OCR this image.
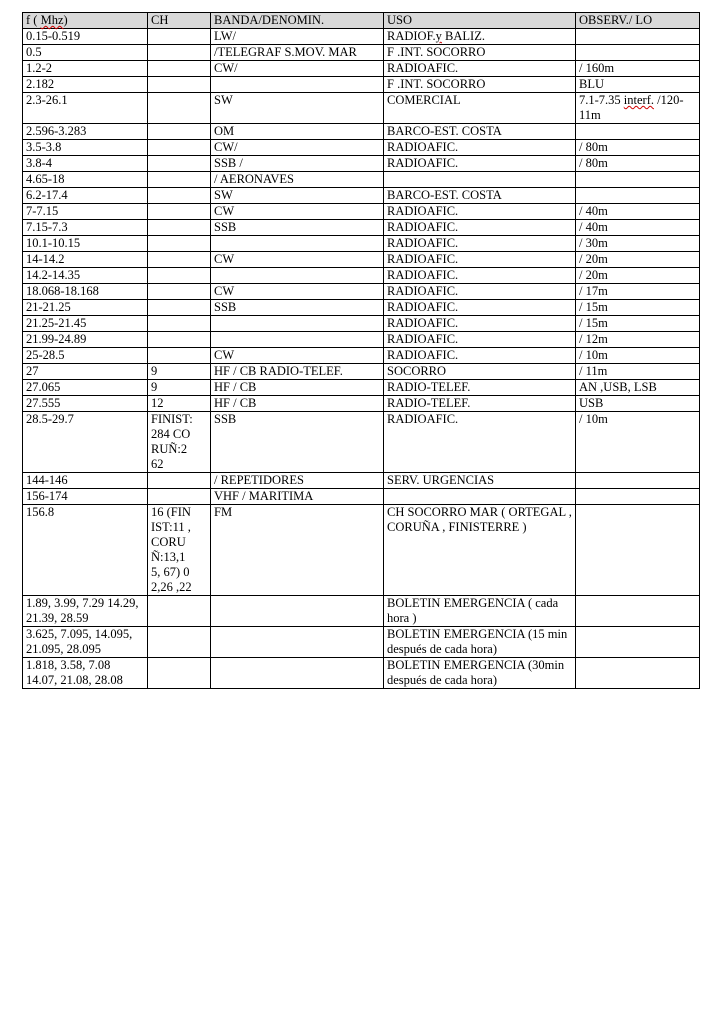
f ( Mhz)	CH	BANDA/DENOMIN.	USO	OBSERV./ LO
0.15-0.519		LW/	RADIOF.y BALIZ.	
0.5		/TELEGRAF S.MOV. MAR	F .INT. SOCORRO	
1.2-2		CW/	RADIOAFIC.	/ 160m
2.182			F .INT. SOCORRO	BLU
2.3-26.1		SW	COMERCIAL	7.1-7.35 interf. /120-11m
2.596-3.283		OM	BARCO-EST. COSTA	
3.5-3.8		CW/	RADIOAFIC.	/ 80m
3.8-4		SSB /	RADIOAFIC.	/ 80m
4.65-18		/ AERONAVES		
6.2-17.4		SW	BARCO-EST. COSTA	
7-7.15		CW	RADIOAFIC.	/ 40m
7.15-7.3		SSB	RADIOAFIC.	/ 40m
10.1-10.15			RADIOAFIC.	/ 30m
14-14.2		CW	RADIOAFIC.	/ 20m
14.2-14.35			RADIOAFIC.	/ 20m
18.068-18.168		CW	RADIOAFIC.	/ 17m
21-21.25		SSB	RADIOAFIC.	/ 15m
21.25-21.45			RADIOAFIC.	/ 15m
21.99-24.89			RADIOAFIC.	/ 12m
25-28.5		CW	RADIOAFIC.	/ 10m
27	9	HF / CB RADIO-TELEF.	SOCORRO	/ 11m
27.065	9	HF / CB	RADIO-TELEF.	AN ,USB, LSB
27.555	12	HF / CB	RADIO-TELEF.	USB
28.5-29.7	FINIST:284 CORUÑ:262	SSB	RADIOAFIC.	/ 10m
144-146		/ REPETIDORES	SERV. URGENCIAS	
156-174		VHF / MARITIMA		
156.8	16 (FINIST:11 , CORUÑ:13,15, 67) 02,26 ,22	FM	CH SOCORRO MAR ( ORTEGAL , CORUÑA , FINISTERRE )	
1.89, 3.99, 7.29 14.29, 21.39, 28.59			BOLETIN EMERGENCIA ( cada hora )	
3.625, 7.095, 14.095, 21.095, 28.095			BOLETIN EMERGENCIA (15 min después de cada hora)	
1.818, 3.58, 7.08 14.07, 21.08, 28.08			BOLETIN EMERGENCIA (30min después de cada hora)	
